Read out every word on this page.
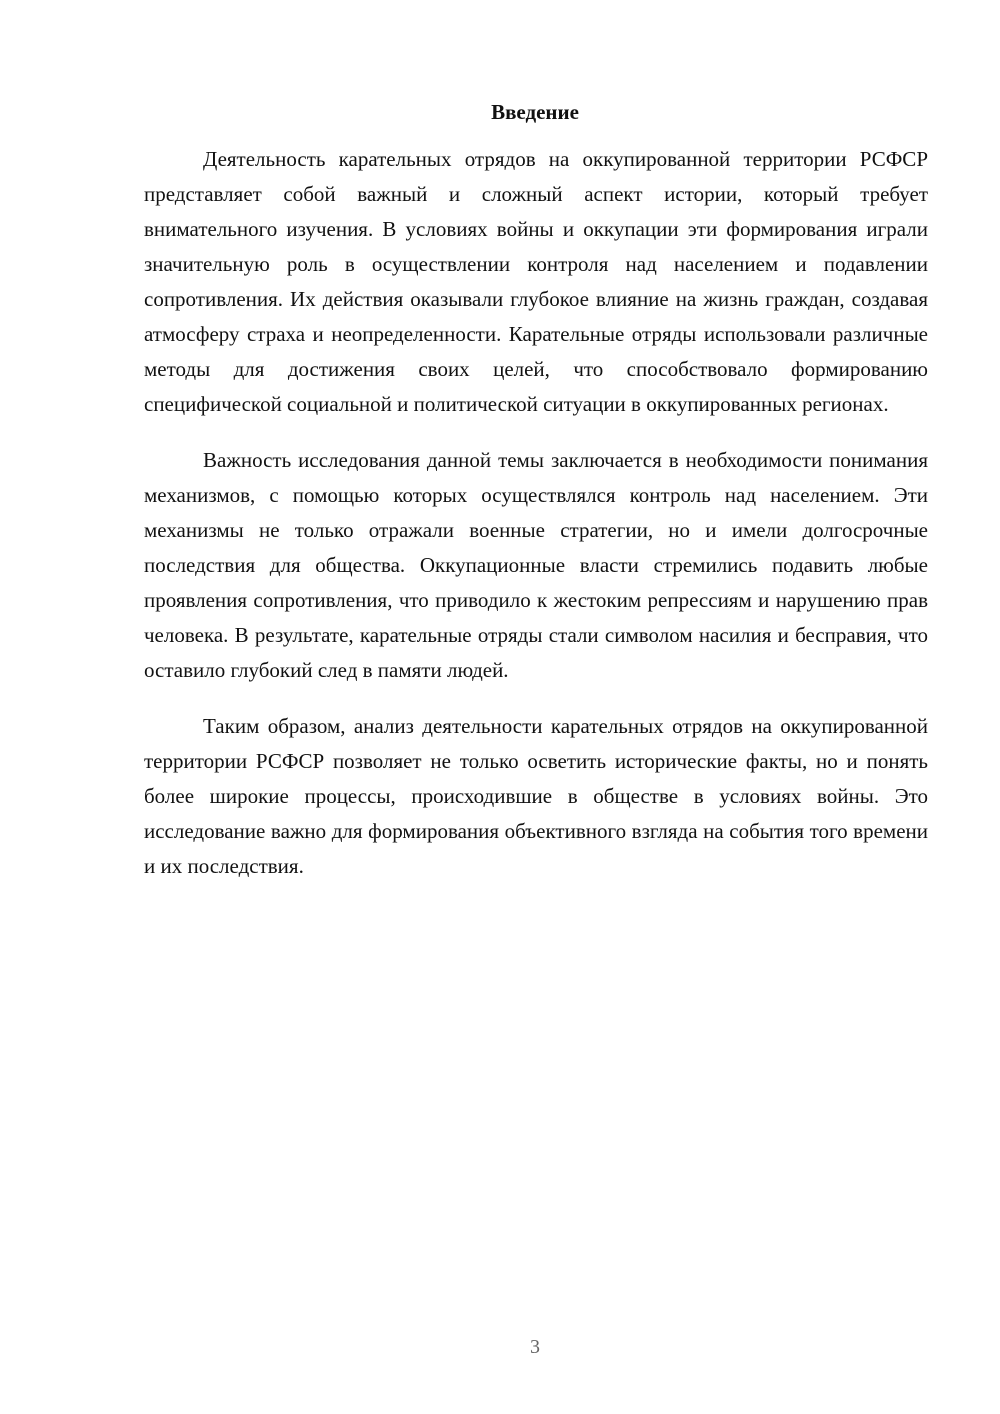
Введение

Деятельность карательных отрядов на оккупированной территории РСФСР представляет собой важный и сложный аспект истории, который требует внимательного изучения. В условиях войны и оккупации эти формирования играли значительную роль в осуществлении контроля над населением и подавлении сопротивления. Их действия оказывали глубокое влияние на жизнь граждан, создавая атмосферу страха и неопределенности. Карательные отряды использовали различные методы для достижения своих целей, что способствовало формированию специфической социальной и политической ситуации в оккупированных регионах.

Важность исследования данной темы заключается в необходимости понимания механизмов, с помощью которых осуществлялся контроль над населением. Эти механизмы не только отражали военные стратегии, но и имели долгосрочные последствия для общества. Оккупационные власти стремились подавить любые проявления сопротивления, что приводило к жестоким репрессиям и нарушению прав человека. В результате, карательные отряды стали символом насилия и бесправия, что оставило глубокий след в памяти людей.

Таким образом, анализ деятельности карательных отрядов на оккупированной территории РСФСР позволяет не только осветить исторические факты, но и понять более широкие процессы, происходившие в обществе в условиях войны. Это исследование важно для формирования объективного взгляда на события того времени и их последствия.

3
